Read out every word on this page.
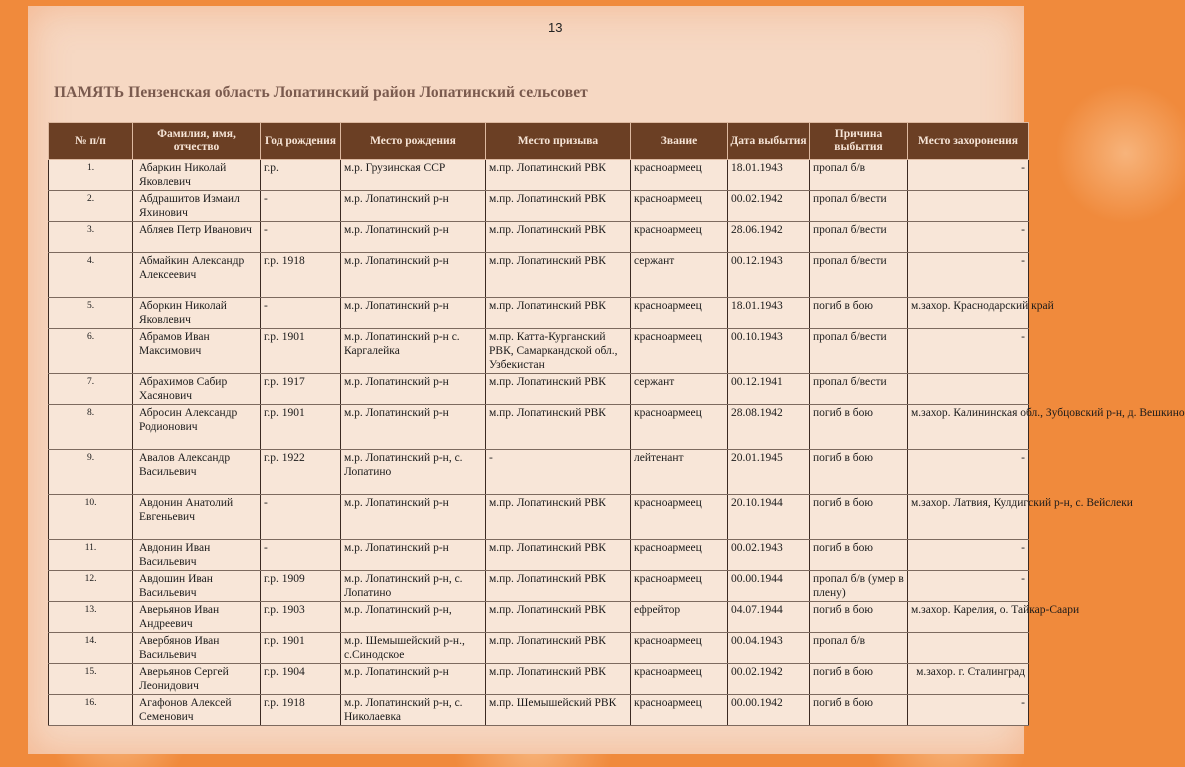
13
ПАМЯТЬ Пензенская область Лопатинский район Лопатинский сельсовет
№ п/п	Фамилия, имя, отчество	Год рождения	Место рождения	Место призыва	Звание	Дата выбытия	Причина выбытия	Место захоронения
1.	Абаркин Николай Яковлевич	г.р.	м.р. Грузинская ССР	м.пр. Лопатинский РВК	красноармеец	18.01.1943	пропал б/в	-
2.	Абдрашитов Измаил Яхинович	-	м.р. Лопатинский р-н	м.пр. Лопатинский РВК	красноармеец	00.02.1942	пропал б/вести	
3.	Абляев Петр Иванович	-	м.р. Лопатинский р-н	м.пр. Лопатинский РВК	красноармеец	28.06.1942	пропал б/вести	-
4.	Абмайкин Александр Алексеевич	г.р. 1918	м.р. Лопатинский р-н	м.пр. Лопатинский РВК	сержант	00.12.1943	пропал б/вести	-
5.	Аборкин Николай Яковлевич	-	м.р. Лопатинский р-н	м.пр. Лопатинский РВК	красноармеец	18.01.1943	погиб в бою	м.захор. Краснодарский край
6.	Абрамов Иван Максимович	г.р. 1901	м.р. Лопатинский р-н с. Каргалейка	м.пр. Катта-Курганский РВК, Самаркандской обл., Узбекистан	красноармеец	00.10.1943	пропал б/вести	-
7.	Абрахимов Сабир Хасянович	г.р. 1917	м.р. Лопатинский р-н	м.пр. Лопатинский РВК	сержант	00.12.1941	пропал б/вести	
8.	Абросин Александр Родионович	г.р. 1901	м.р. Лопатинский р-н	м.пр. Лопатинский РВК	красноармеец	28.08.1942	погиб в бою	м.захор. Калининская обл., Зубцовский р-н, д. Вешкино
9.	Авалов Александр Васильевич	г.р. 1922	м.р. Лопатинский р-н, с. Лопатино	-	лейтенант	20.01.1945	погиб в бою	-
10.	Авдонин Анатолий Евгеньевич	-	м.р. Лопатинский р-н	м.пр. Лопатинский РВК	красноармеец	20.10.1944	погиб в бою	м.захор. Латвия, Кулдигский р-н, с. Вейслеки
11.	Авдонин Иван Васильевич	-	м.р. Лопатинский р-н	м.пр. Лопатинский РВК	красноармеец	00.02.1943	погиб в бою	-
12.	Авдошин Иван Васильевич	г.р. 1909	м.р. Лопатинский р-н, с. Лопатино	м.пр. Лопатинский РВК	красноармеец	00.00.1944	пропал б/в (умер в плену)	-
13.	Аверьянов Иван Андреевич	г.р. 1903	м.р. Лопатинский р-н,	м.пр. Лопатинский РВК	ефрейтор	04.07.1944	погиб в бою	м.захор. Карелия, о. Тайкар-Саари
14.	Авербянов Иван Васильевич	г.р. 1901	м.р. Шемышейский р-н., с.Синодское	м.пр. Лопатинский РВК	красноармеец	00.04.1943	пропал б/в	
15.	Аверьянов Сергей Леонидович	г.р. 1904	м.р. Лопатинский р-н	м.пр. Лопатинский РВК	красноармеец	00.02.1942	погиб в бою	м.захор. г. Сталинград
16.	Агафонов Алексей Семенович	г.р. 1918	м.р. Лопатинский р-н, с. Николаевка	м.пр. Шемышейский РВК	красноармеец	00.00.1942	погиб в бою	-
